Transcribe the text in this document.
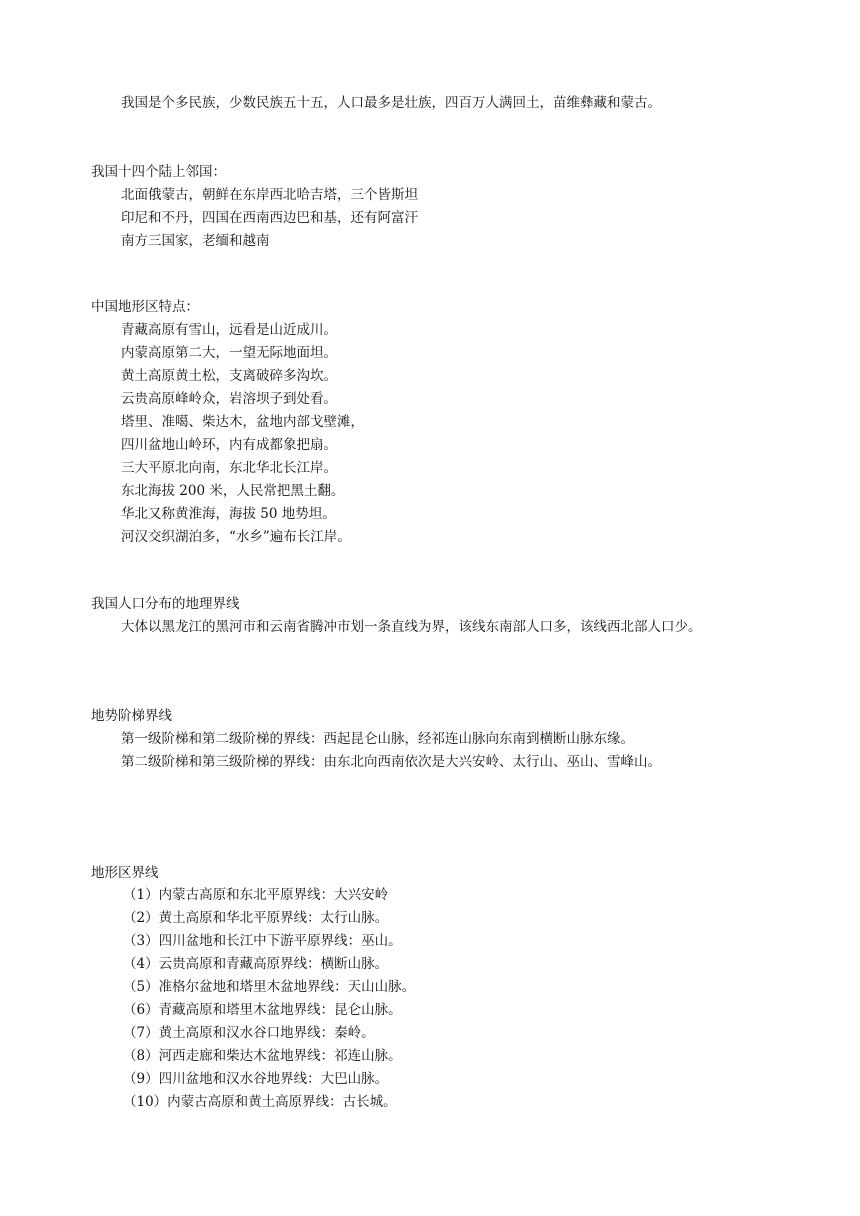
我国是个多民族，少数民族五十五，人口最多是壮族，四百万人满回土，苗维彝藏和蒙古。
我国十四个陆上邻国：
北面俄蒙古，朝鲜在东岸西北哈吉塔，三个皆斯坦
印尼和不丹，四国在西南西边巴和基，还有阿富汗
南方三国家，老缅和越南
中国地形区特点：
青藏高原有雪山，远看是山近成川。
内蒙高原第二大，一望无际地面坦。
黄土高原黄土松，支离破碎多沟坎。
云贵高原峰岭众，岩溶坝子到处看。
塔里、准噶、柴达木，盆地内部戈壁滩，
四川盆地山岭环，内有成都象把扇。
三大平原北向南，东北华北长江岸。
东北海拔 200 米，人民常把黑土翻。
华北又称黄淮海，海拔 50 地势坦。
河汉交织湖泊多，“水乡”遍布长江岸。
我国人口分布的地理界线
大体以黑龙江的黑河市和云南省腾冲市划一条直线为界，该线东南部人口多，该线西北部人口少。
地势阶梯界线
第一级阶梯和第二级阶梯的界线：西起昆仑山脉，经祁连山脉向东南到横断山脉东缘。
第二级阶梯和第三级阶梯的界线：由东北向西南依次是大兴安岭、太行山、巫山、雪峰山。
地形区界线
（1）内蒙古高原和东北平原界线：大兴安岭
（2）黄土高原和华北平原界线：太行山脉。
（3）四川盆地和长江中下游平原界线：巫山。
（4）云贵高原和青藏高原界线：横断山脉。
（5）准格尔盆地和塔里木盆地界线：天山山脉。
（6）青藏高原和塔里木盆地界线：昆仑山脉。
（7）黄土高原和汉水谷口地界线：秦岭。
（8）河西走廊和柴达木盆地界线：祁连山脉。
（9）四川盆地和汉水谷地界线：大巴山脉。
（10）内蒙古高原和黄土高原界线：古长城。
